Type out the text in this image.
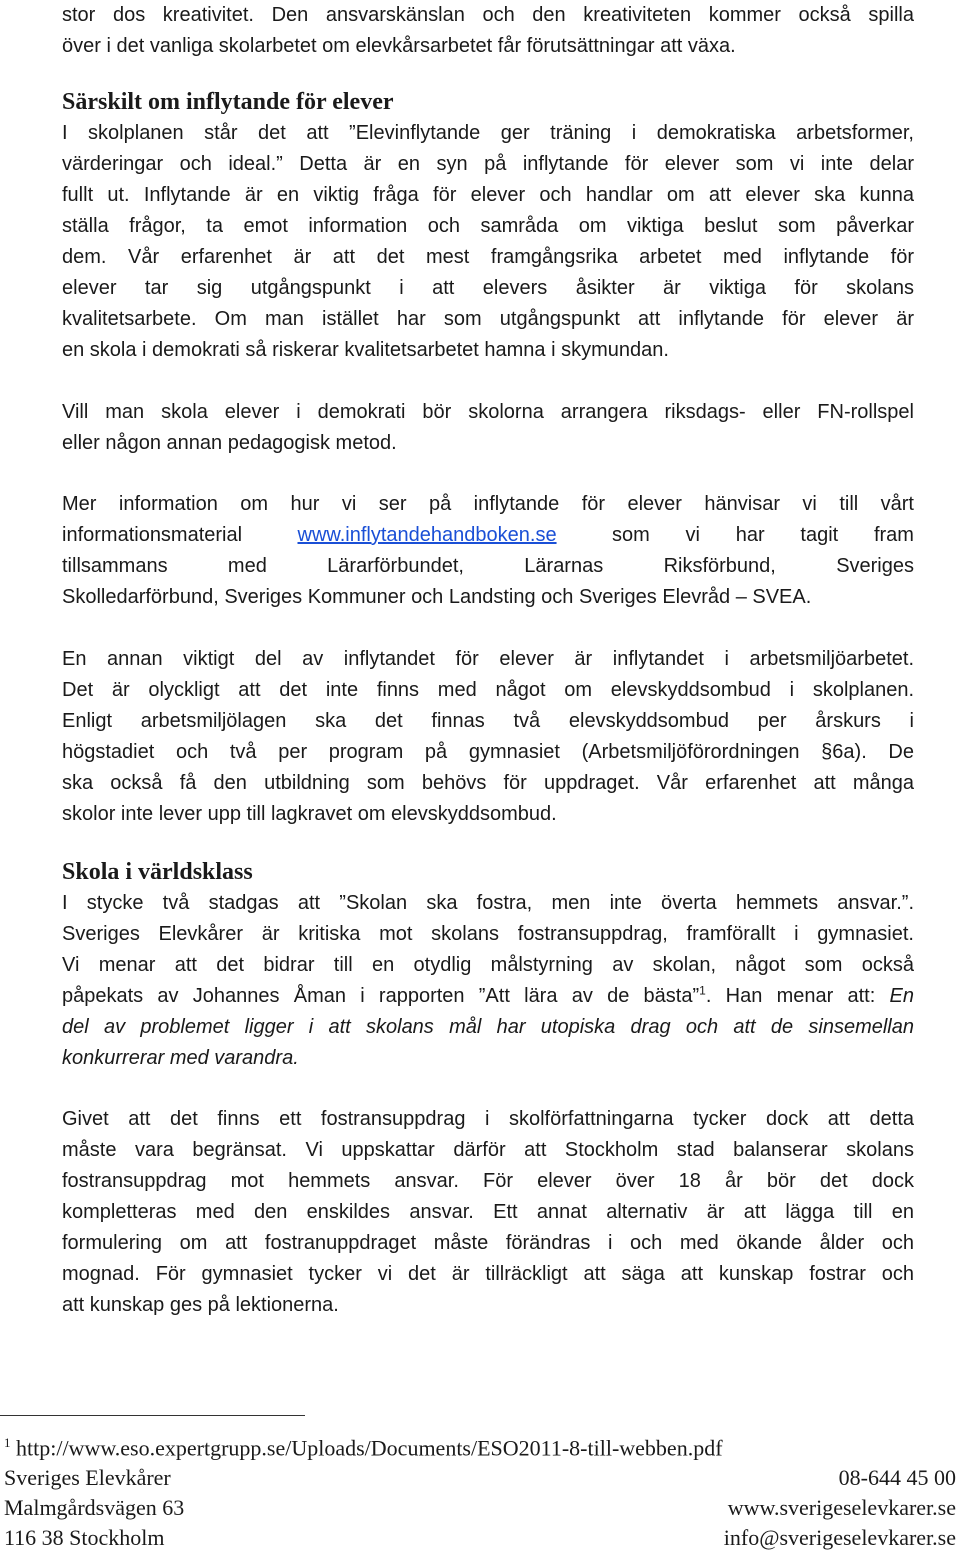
stor dos kreativitet. Den ansvarskänslan och den kreativiteten kommer också spilla
över i det vanliga skolarbetet om elevkårsarbetet får förutsättningar att växa.

Särskilt om inflytande för elever

I skolplanen står det att ”Elevinflytande ger träning i demokratiska arbetsformer,
värderingar och ideal.” Detta är en syn på inflytande för elever som vi inte delar
fullt ut. Inflytande är en viktig fråga för elever och handlar om att elever ska kunna
ställa frågor, ta emot information och samråda om viktiga beslut som påverkar
dem. Vår erfarenhet är att det mest framgångsrika arbetet med inflytande för
elever tar sig utgångspunkt i att elevers åsikter är viktiga för skolans
kvalitetsarbete. Om man istället har som utgångspunkt att inflytande för elever är
en skola i demokrati så riskerar kvalitetsarbetet hamna i skymundan.

Vill man skola elever i demokrati bör skolorna arrangera riksdags- eller FN-rollspel
eller någon annan pedagogisk metod.

Mer information om hur vi ser på inflytande för elever hänvisar vi till vårt
informationsmaterial	www.inflytandehandboken.se	som vi har tagit fram
tillsammans med Lärarförbundet, Lärarnas Riksförbund, Sveriges
Skolledarförbund, Sveriges Kommuner och Landsting och Sveriges Elevråd – SVEA.

En annan viktigt del av inflytandet för elever är inflytandet i arbetsmiljöarbetet.
Det är olyckligt att det inte finns med något om elevskyddsombud i skolplanen.
Enligt arbetsmiljölagen ska det finnas två elevskyddsombud per årskurs i
högstadiet och två per program på gymnasiet (Arbetsmiljöförordningen §6a). De
ska också få den utbildning som behövs för uppdraget. Vår erfarenhet att många
skolor inte lever upp till lagkravet om elevskyddsombud.

Skola i världsklass

I stycke två stadgas att ”Skolan ska fostra, men inte överta hemmets ansvar.”.
Sveriges Elevkårer är kritiska mot skolans fostransuppdrag, framförallt i gymnasiet.
Vi menar att det bidrar till en otydlig målstyrning av skolan, något som också
påpekats av Johannes Åman i rapporten ”Att lära av de bästa”$^1$. Han menar att: En
del av problemet ligger i att skolans mål har utopiska drag och att de sinsemellan
konkurrerar med varandra.

Givet att det finns ett fostransuppdrag i skolförfattningarna tycker dock att detta
måste vara begränsat. Vi uppskattar därför att Stockholm stad balanserar skolans
fostransuppdrag mot hemmets ansvar. För elever över 18 år bör det dock
kompletteras med den enskildes ansvar. Ett annat alternativ är att lägga till en
formulering om att fostranuppdraget måste förändras i och med ökande ålder och
mognad. För gymnasiet tycker vi det är tillräckligt att säga att kunskap fostrar och
att kunskap ges på lektionerna.

$^1$ http://www.eso.expertgrupp.se/Uploads/Documents/ESO2011-8-till-webben.pdf
Sveriges Elevkårer	08-644 45 00
Malmgårdsvägen 63	www.sverigeselevkarer.se
116 38 Stockholm	info@sverigeselevkarer.se
